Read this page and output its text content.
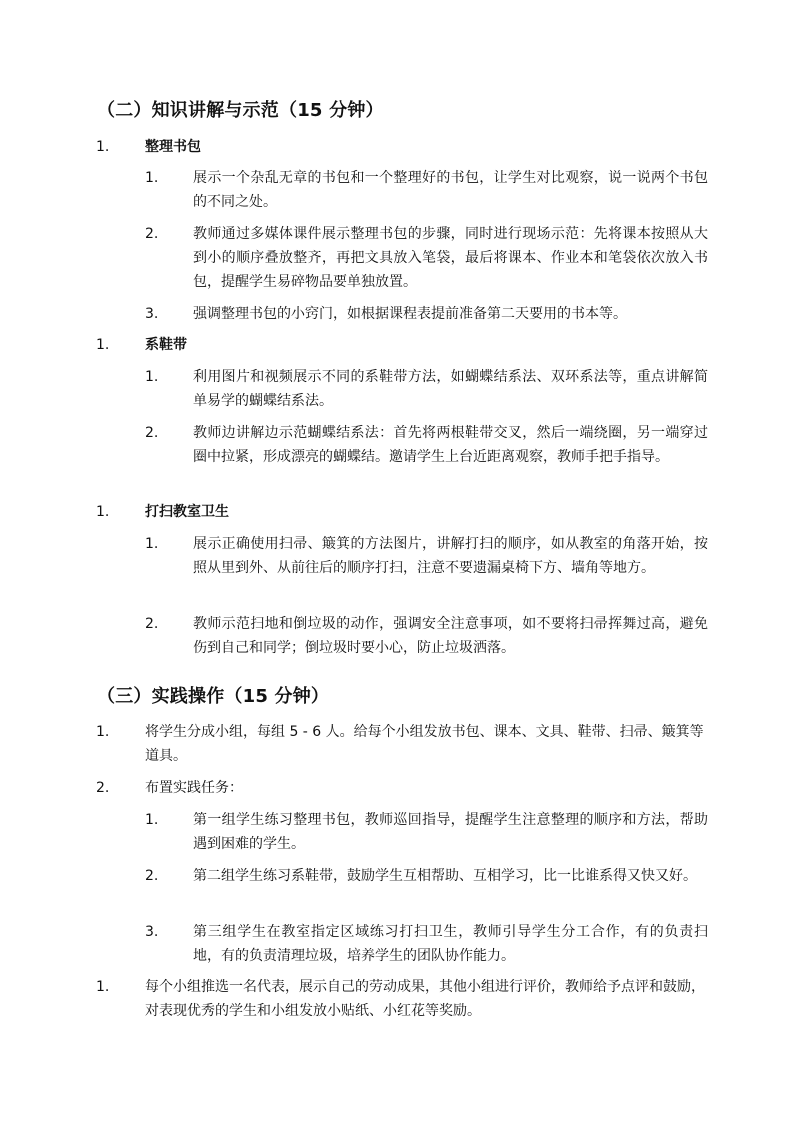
（二）知识讲解与示范（15 分钟）
1.	整理书包
1.	展示一个杂乱无章的书包和一个整理好的书包，让学生对比观察，说一说两个书包的不同之处。
2.	教师通过多媒体课件展示整理书包的步骤，同时进行现场示范：先将课本按照从大到小的顺序叠放整齐，再把文具放入笔袋，最后将课本、作业本和笔袋依次放入书包，提醒学生易碎物品要单独放置。
3.	强调整理书包的小窍门，如根据课程表提前准备第二天要用的书本等。
1.	系鞋带
1.	利用图片和视频展示不同的系鞋带方法，如蝴蝶结系法、双环系法等，重点讲解简单易学的蝴蝶结系法。
2.	教师边讲解边示范蝴蝶结系法：首先将两根鞋带交叉，然后一端绕圈，另一端穿过圈中拉紧，形成漂亮的蝴蝶结。邀请学生上台近距离观察，教师手把手指导。
1.	打扫教室卫生
1.	展示正确使用扫帚、簸箕的方法图片，讲解打扫的顺序，如从教室的角落开始，按照从里到外、从前往后的顺序打扫，注意不要遗漏桌椅下方、墙角等地方。
2.	教师示范扫地和倒垃圾的动作，强调安全注意事项，如不要将扫帚挥舞过高，避免伤到自己和同学；倒垃圾时要小心，防止垃圾洒落。
（三）实践操作（15 分钟）
1.	将学生分成小组，每组 5 - 6 人。给每个小组发放书包、课本、文具、鞋带、扫帚、簸箕等道具。
2.	布置实践任务：
1.	第一组学生练习整理书包，教师巡回指导，提醒学生注意整理的顺序和方法，帮助遇到困难的学生。
2.	第二组学生练习系鞋带，鼓励学生互相帮助、互相学习，比一比谁系得又快又好。
3.	第三组学生在教室指定区域练习打扫卫生，教师引导学生分工合作，有的负责扫地，有的负责清理垃圾，培养学生的团队协作能力。
1.	每个小组推选一名代表，展示自己的劳动成果，其他小组进行评价，教师给予点评和鼓励，对表现优秀的学生和小组发放小贴纸、小红花等奖励。
